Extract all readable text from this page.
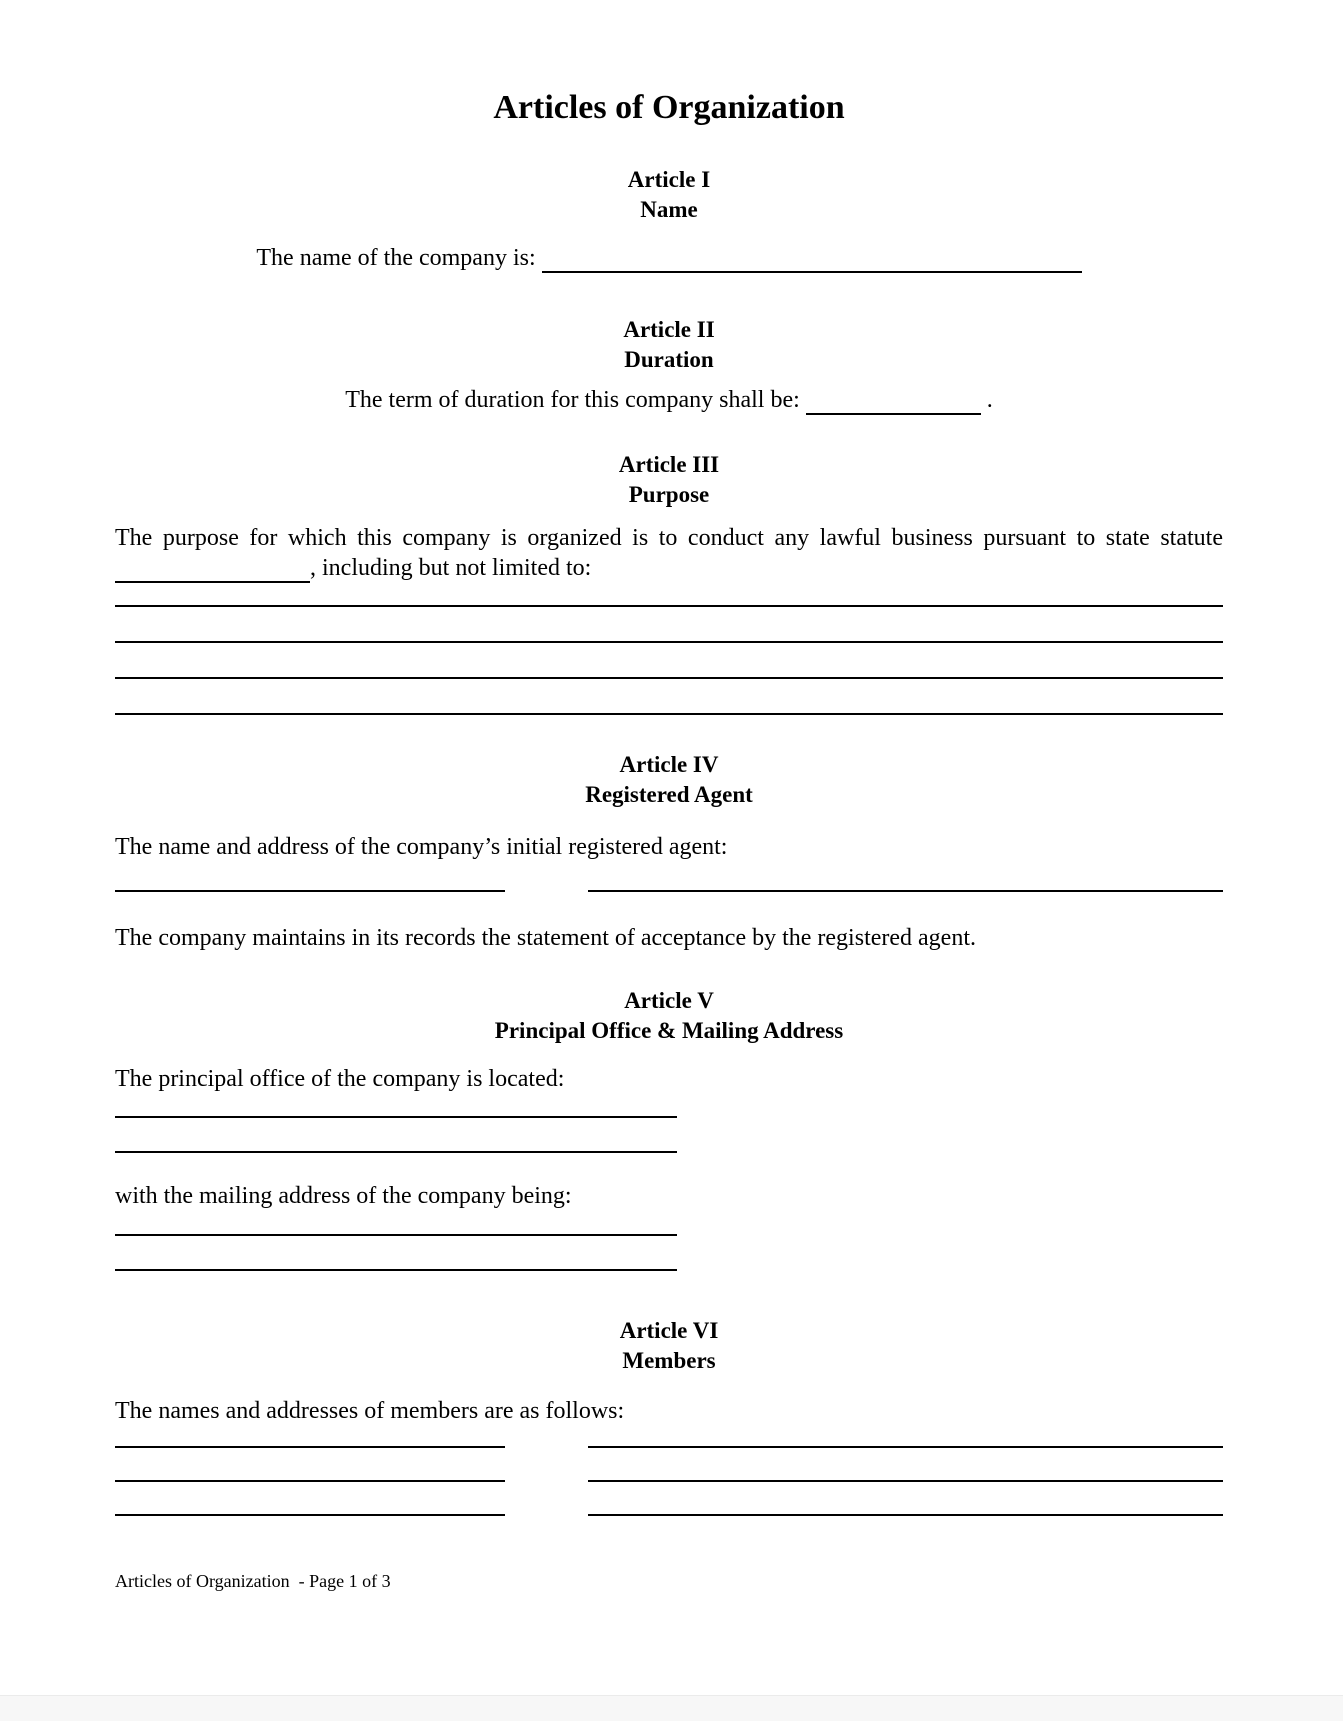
Articles of Organization
Article I
Name
The name of the company is:
Article II
Duration
The term of duration for this company shall be:	.
Article III
Purpose

The purpose for which this company is organized is to conduct any lawful business pursuant to state statute , including but not limited to:

Article IV
Registered Agent
The name and address of the company’s initial registered agent:
The company maintains in its records the statement of acceptance by the registered agent.
Article V
Principal Office & Mailing Address
The principal office of the company is located:
with the mailing address of the company being:
Article VI
Members
The names and addresses of members are as follows:
Articles of Organization  - Page 1 of 3
